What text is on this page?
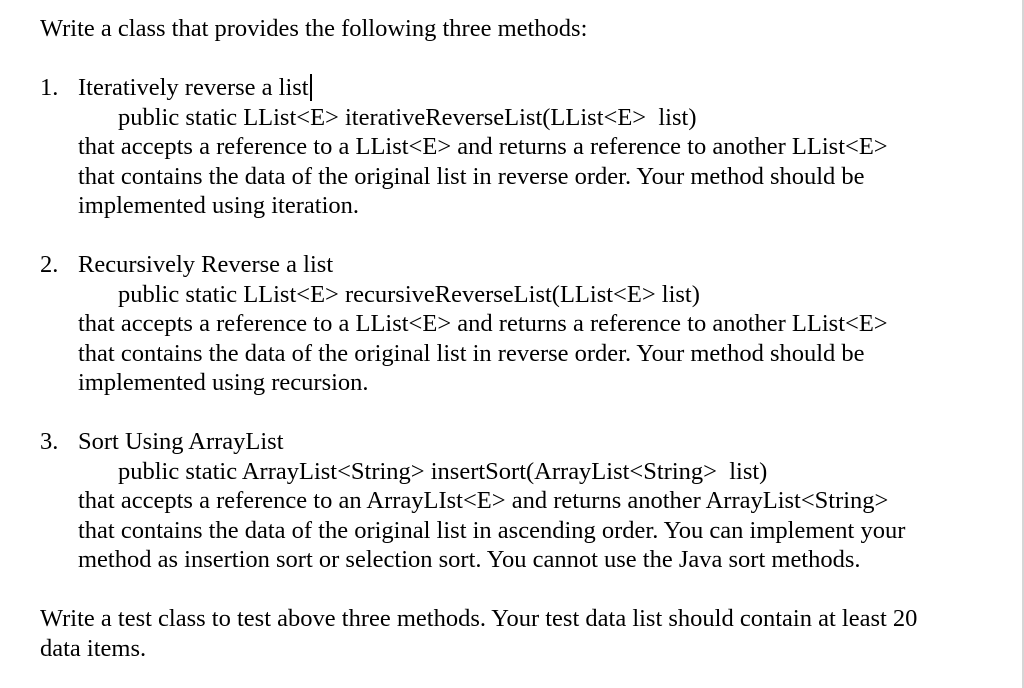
Write a class that provides the following three methods:

1. Iteratively reverse a list
public static LList<E> iterativeReverseList(LList<E>  list)
that accepts a reference to a LList<E> and returns a reference to another LList<E>
that contains the data of the original list in reverse order. Your method should be
implemented using iteration.
2. Recursively Reverse a list
public static LList<E> recursiveReverseList(LList<E> list)
that accepts a reference to a LList<E> and returns a reference to another LList<E>
that contains the data of the original list in reverse order. Your method should be
implemented using recursion.
3. Sort Using ArrayList
public static ArrayList<String> insertSort(ArrayList<String>  list)
that accepts a reference to an ArrayLIst<E> and returns another ArrayList<String>
that contains the data of the original list in ascending order. You can implement your
method as insertion sort or selection sort. You cannot use the Java sort methods.
Write a test class to test above three methods. Your test data list should contain at least 20
data items.
